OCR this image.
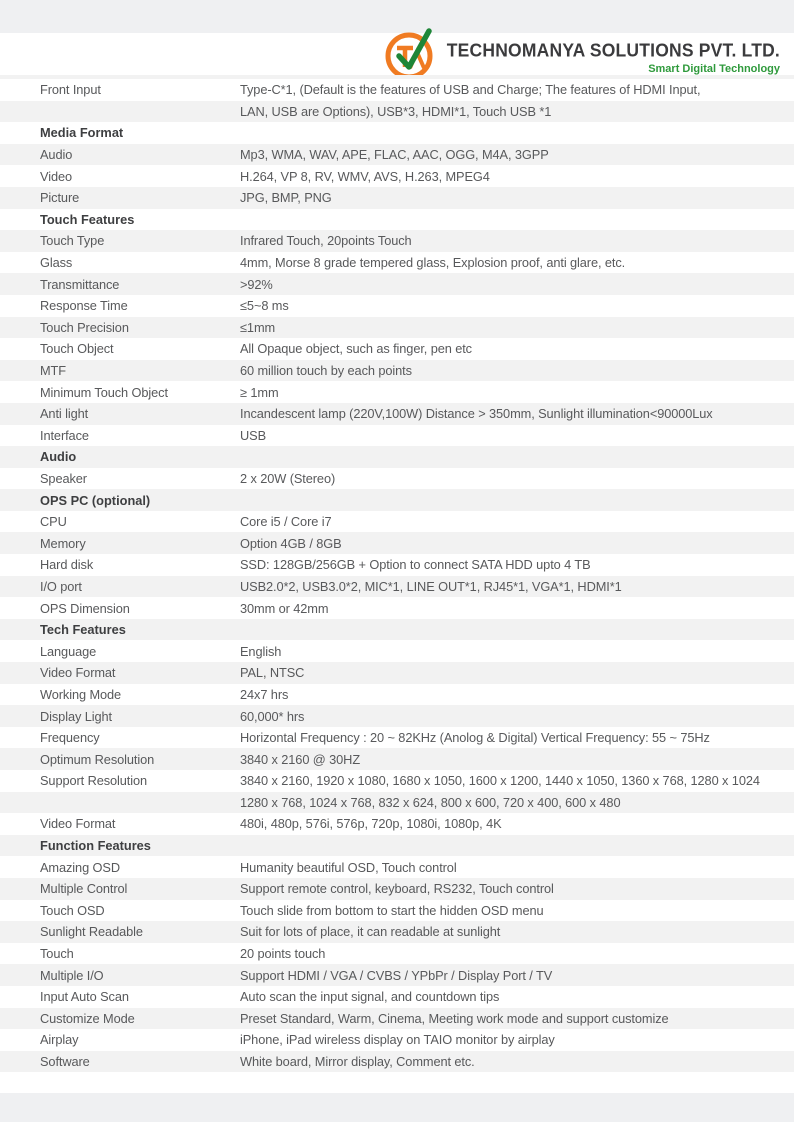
TECHNOMANYA SOLUTIONS PVT. LTD.
Smart Digital Technology
Front Input	Type-C*1, (Default is the features of USB and Charge; The features of HDMI Input,
LAN, USB are Options), USB*3, HDMI*1, Touch USB *1
Media Format
Audio	Mp3, WMA, WAV, APE, FLAC, AAC, OGG, M4A, 3GPP
Video	H.264, VP 8, RV, WMV, AVS, H.263, MPEG4
Picture	JPG, BMP, PNG
Touch Features
Touch Type	Infrared Touch, 20points Touch
Glass	4mm, Morse 8 grade tempered glass, Explosion proof, anti glare, etc.
Transmittance	>92%
Response Time	≤5~8 ms
Touch Precision	≤1mm
Touch Object	All Opaque object, such as finger, pen etc
MTF	60 million touch by each points
Minimum Touch Object	≥ 1mm
Anti light	Incandescent lamp (220V,100W) Distance > 350mm, Sunlight illumination<90000Lux
Interface	USB
Audio
Speaker	2 x 20W (Stereo)
OPS PC (optional)
CPU	Core i5 / Core i7
Memory	Option 4GB / 8GB
Hard disk	SSD: 128GB/256GB + Option to connect SATA HDD upto 4 TB
I/O port	USB2.0*2, USB3.0*2, MIC*1, LINE OUT*1, RJ45*1, VGA*1, HDMI*1
OPS Dimension	30mm or 42mm
Tech Features
Language	English
Video Format	PAL, NTSC
Working Mode	24x7 hrs
Display Light	60,000* hrs
Frequency	Horizontal Frequency : 20 ~ 82KHz (Anolog & Digital) Vertical Frequency: 55 ~ 75Hz
Optimum Resolution	3840 x 2160 @ 30HZ
Support Resolution	3840 x 2160, 1920 x 1080, 1680 x 1050, 1600 x 1200, 1440 x 1050, 1360 x 768, 1280 x 1024
1280 x 768, 1024 x 768, 832 x 624, 800 x 600, 720 x 400, 600 x 480
Video Format	480i, 480p, 576i, 576p, 720p, 1080i, 1080p, 4K
Function Features
Amazing OSD	Humanity beautiful OSD, Touch control
Multiple Control	Support remote control, keyboard, RS232, Touch control
Touch OSD	Touch slide from bottom to start the hidden OSD menu
Sunlight Readable	Suit for lots of place, it can readable at sunlight
Touch	20 points touch
Multiple I/O	Support HDMI / VGA / CVBS / YPbPr / Display Port / TV
Input Auto Scan	Auto scan the input signal, and countdown tips
Customize Mode	Preset Standard, Warm, Cinema, Meeting work mode and support customize
Airplay	iPhone, iPad wireless display on TAIO monitor by airplay
Software	White board, Mirror display, Comment etc.
